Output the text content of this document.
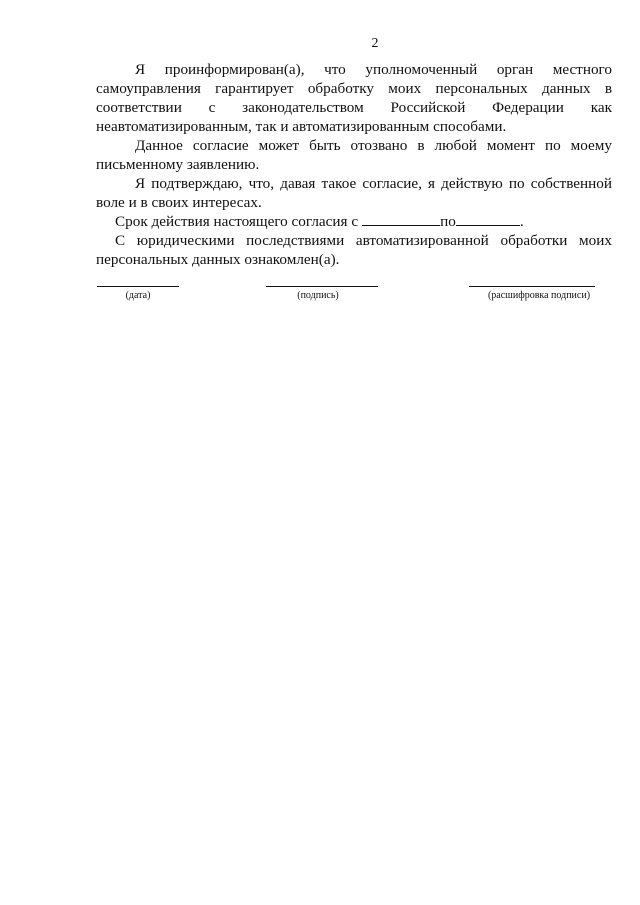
2

Я проинформирован(а), что уполномоченный орган местного самоуправления гарантирует обработку моих персональных данных в соответствии с законодательством Российской Федерации как неавтоматизированным, так и автоматизированным способами.

Данное согласие может быть отозвано в любой момент по моему письменному заявлению.

Я подтверждаю, что, давая такое согласие, я действую по собственной воле и в своих интересах.

Срок действия настоящего согласия с	по	.

С юридическими последствиями автоматизированной обработки моих персональных данных ознакомлен(а).

(дата)	(подпись)	(расшифровка подписи)
